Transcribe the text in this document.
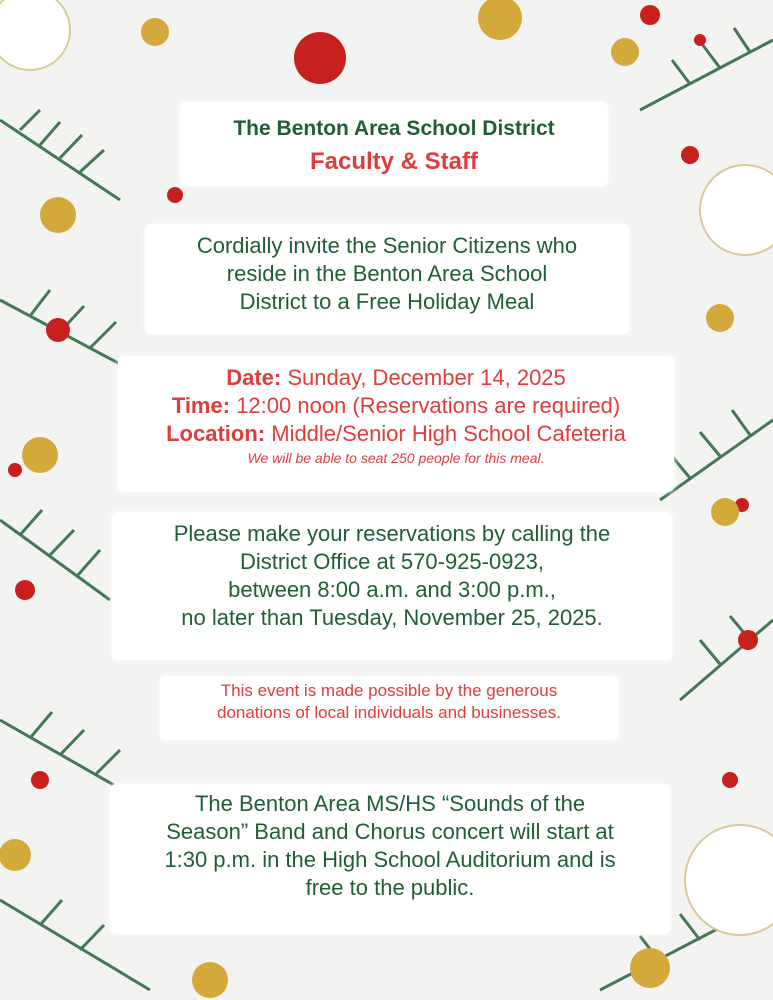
The Benton Area School District
Faculty & Staff
Cordially invite the Senior Citizens who
reside in the Benton Area School
District to a Free Holiday Meal
Date: Sunday, December 14, 2025
Time: 12:00 noon (Reservations are required)
Location: Middle/Senior High School Cafeteria
We will be able to seat 250 people for this meal.
Please make your reservations by calling the
District Office at 570-925-0923,
between 8:00 a.m. and 3:00 p.m.,
no later than Tuesday, November 25, 2025.
This event is made possible by the generous
donations of local individuals and businesses.
The Benton Area MS/HS “Sounds of the
Season” Band and Chorus concert will start at
1:30 p.m. in the High School Auditorium and is
free to the public.
